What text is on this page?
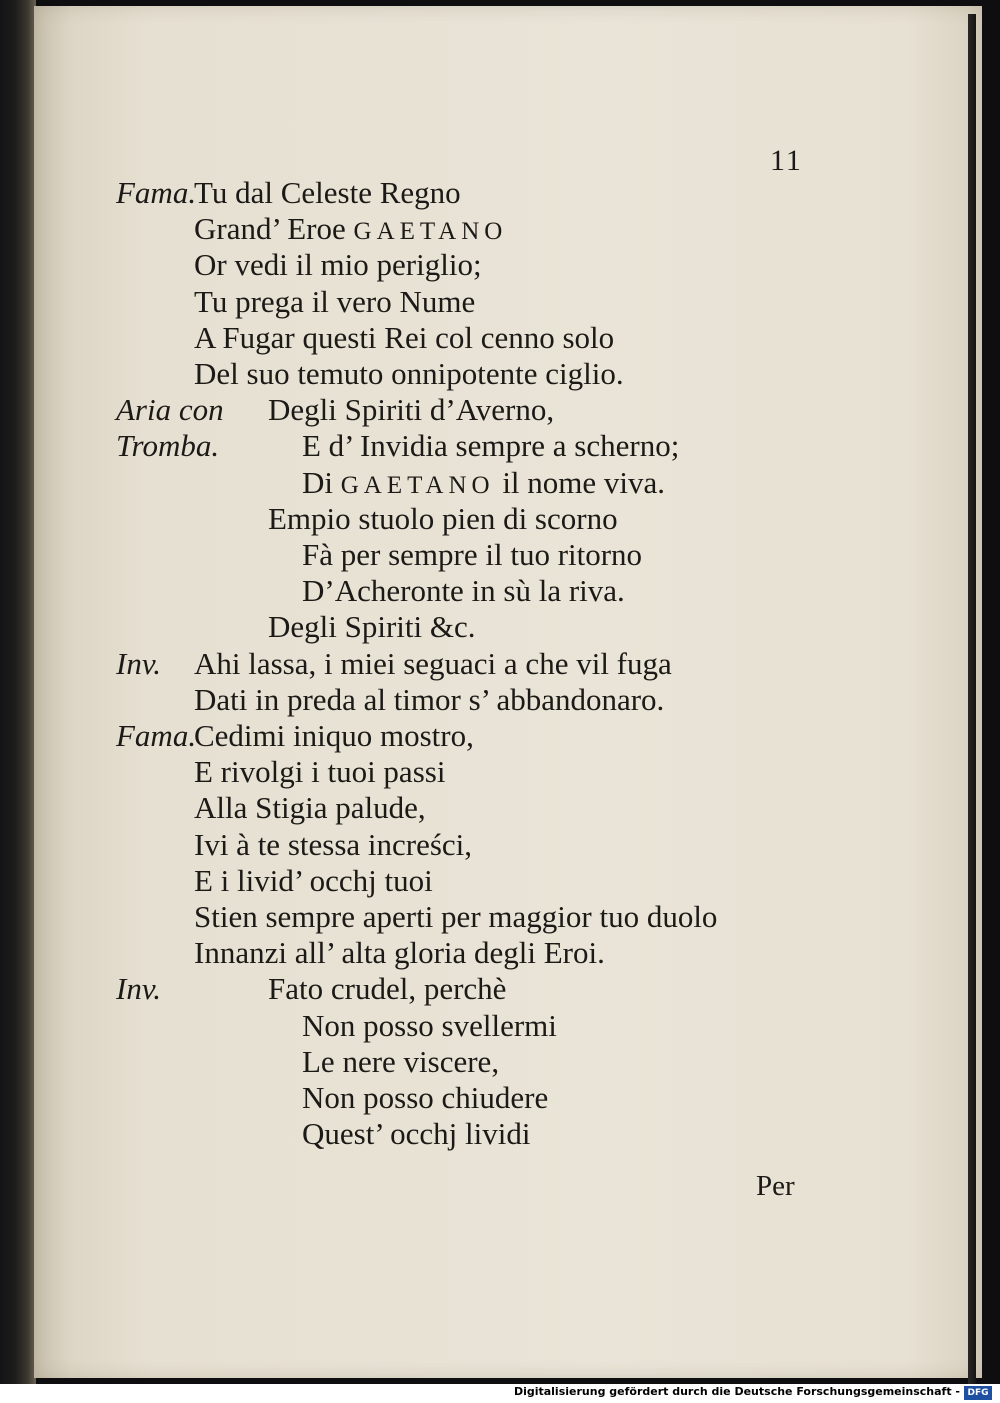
11
Fama.
Tu dal Celeste Regno
Grand’ Eroe GAETANO
Or vedi il mio periglio;
Tu prega il vero Nume
A Fugar questi Rei col cenno solo
Del suo temuto onnipotente ciglio.
Aria con Degli Spiriti d’Averno,
Tromba.	E d’ Invidia sempre a scherno;
Di GAETANO il nome viva.
Empio stuolo pien di scorno
Fà per sempre il tuo ritorno
D’Acheronte in sù la riva.
Degli Spiriti &c.
Inv. Ahi lassa, i miei seguaci a che vil fuga
Dati in preda al timor s’ abbandonaro.
Fama.
Cedimi iniquo mostro,
E rivolgi i tuoi passi
Alla Stigia palude,
Ivi à te stessa increści,
E i livid’ occhj tuoi
Stien sempre aperti per maggior tuo duolo
Innanzi all’ alta gloria degli Eroi.
Inv.	Fato crudel, perchè
Non posso svellermi
Le nere viscere,
Non posso chiudere
Quest’ occhj lividi
Per
Digitalisierung gefördert durch die Deutsche Forschungsgemeinschaft - DFG
